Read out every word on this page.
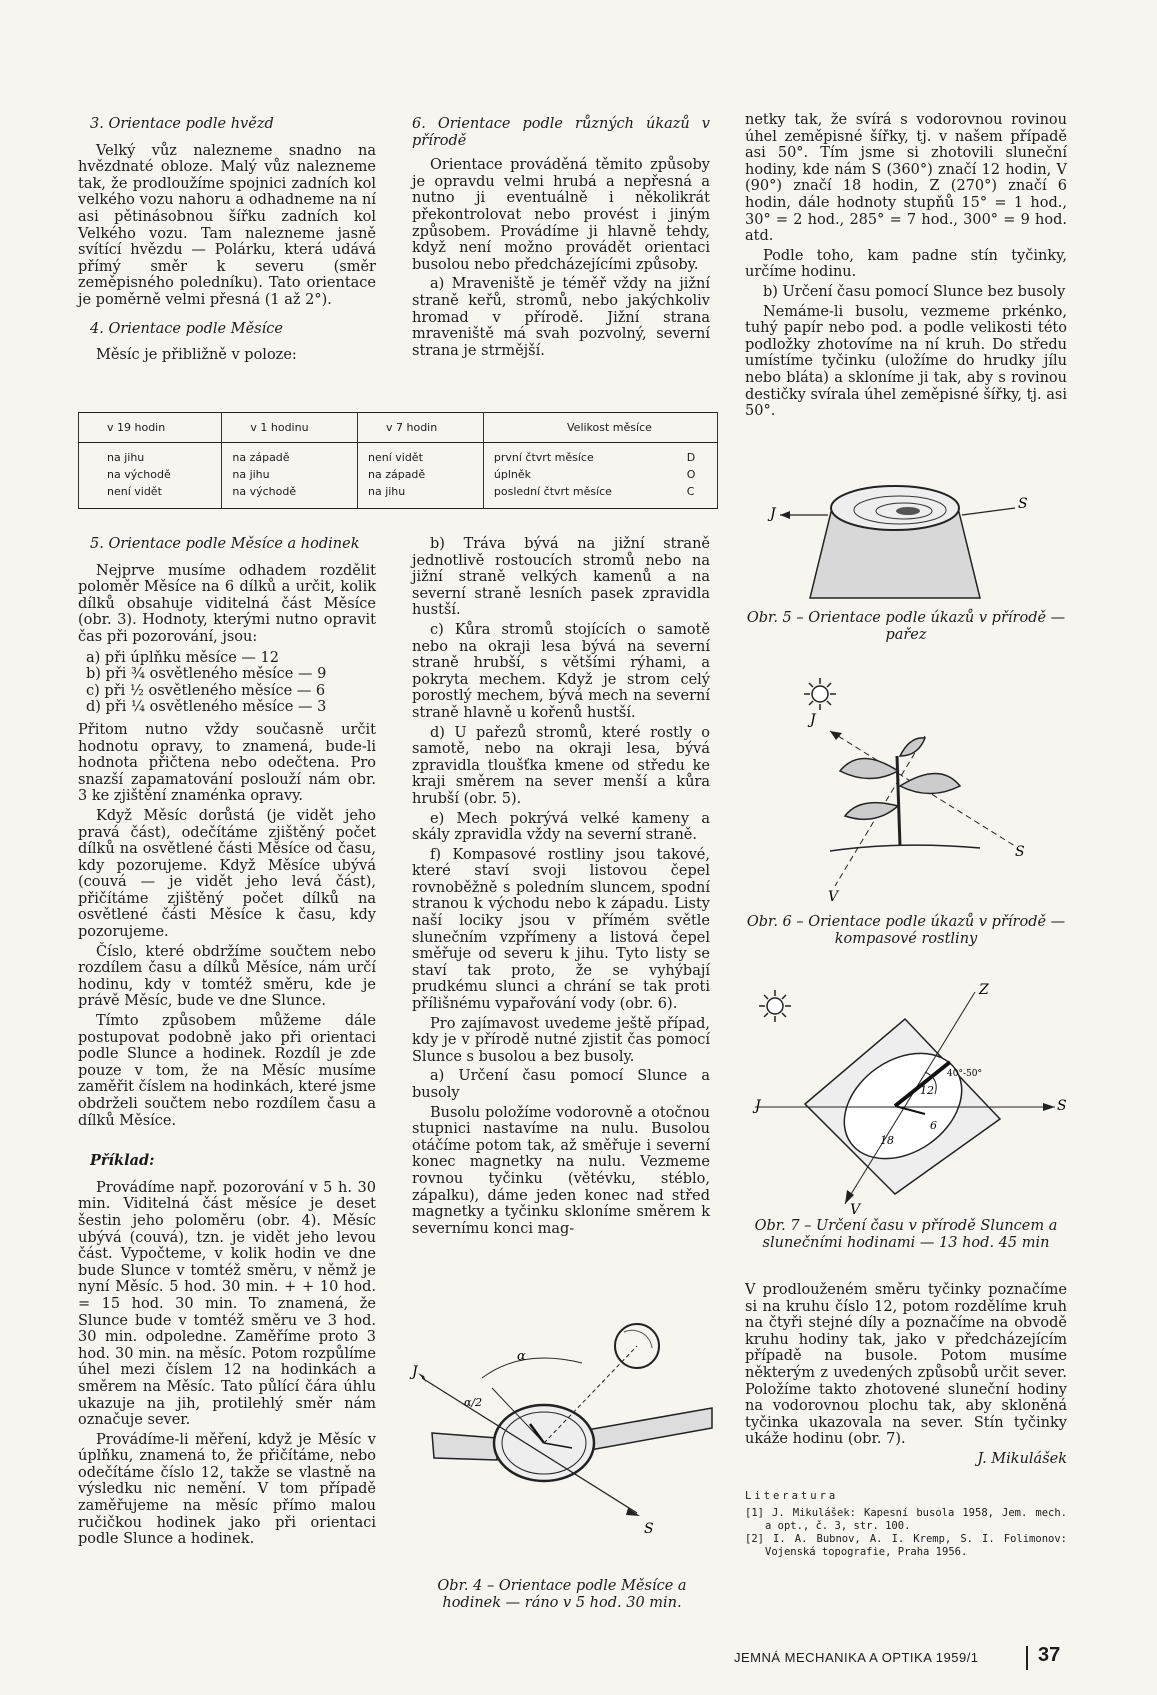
3. Orientace podle hvězd

Velký vůz nalezneme snadno na hvězdnaté obloze. Malý vůz nalezneme tak, že prodloužíme spojnici zadních kol velkého vozu nahoru a odhadneme na ní asi pětinásobnou šířku zadních kol Velkého vozu. Tam nalezneme jasně svítící hvězdu — Polárku, která udává přímý směr k severu (směr zeměpisného poledníku). Tato orientace je poměrně velmi přesná (1 až 2°).

4. Orientace podle Měsíce

Měsíc je přibližně v poloze:

5. Orientace podle Měsíce a hodinek

Nejprve musíme odhadem rozdělit poloměr Měsíce na 6 dílků a určit, kolik dílků obsahuje viditelná část Měsíce (obr. 3). Hodnoty, kterými nutno opravit čas při pozorování, jsou:

a) při úplňku měsíce — 12
b) při ¾ osvětleného měsíce — 9
c) při ½ osvětleného měsíce — 6
d) při ¼ osvětleného měsíce — 3

Přitom nutno vždy současně určit hodnotu opravy, to znamená, bude-li hodnota přičtena nebo odečtena. Pro snazší zapamatování poslouží nám obr. 3 ke zjištění znaménka opravy.

Když Měsíc dorůstá (je vidět jeho pravá část), odečítáme zjištěný počet dílků na osvětlené části Měsíce od času, kdy pozorujeme. Když Měsíce ubývá (couvá — je vidět jeho levá část), přičítáme zjištěný počet dílků na osvětlené části Měsíce k času, kdy pozorujeme.

Číslo, které obdržíme součtem nebo rozdílem času a dílků Měsíce, nám určí hodinu, kdy v tomtéž směru, kde je právě Měsíc, bude ve dne Slunce.

Tímto způsobem můžeme dále postupovat podobně jako při orientaci podle Slunce a hodinek. Rozdíl je zde pouze v tom, že na Měsíc musíme zaměřit číslem na hodinkách, které jsme obdrželi součtem nebo rozdílem času a dílků Měsíce.

Příklad:

Provádíme např. pozorování v 5 h. 30 min. Viditelná část měsíce je deset šestin jeho poloměru (obr. 4). Měsíc ubývá (couvá), tzn. je vidět jeho levou část. Vypočteme, v kolik hodin ve dne bude Slunce v tomtéž směru, v němž je nyní Měsíc. 5 hod. 30 min. + + 10 hod. = 15 hod. 30 min. To znamená, že Slunce bude v tomtéž směru ve 3 hod. 30 min. odpoledne. Zaměříme proto 3 hod. 30 min. na měsíc. Potom rozpůlíme úhel mezi číslem 12 na hodinkách a směrem na Měsíc. Tato půlící čára úhlu ukazuje na jih, protilehlý směr nám označuje sever.

Provádíme-li měření, když je Měsíc v úplňku, znamená to, že přičítáme, nebo odečítáme číslo 12, takže se vlastně na výsledku nic nemění. V tom případě zaměřujeme na měsíc přímo malou ručičkou hodinek jako při orientaci podle Slunce a hodinek.

6. Orientace podle různých úkazů v přírodě

Orientace prováděná těmito způsoby je opravdu velmi hrubá a nepřesná a nutno ji eventuálně i několikrát překontrolovat nebo provést i jiným způsobem. Provádíme ji hlavně tehdy, když není možno provádět orientaci busolou nebo předcházejícími způsoby.

a) Mraveniště je téměř vždy na jižní straně keřů, stromů, nebo jakýchkoliv hromad v přírodě. Jižní strana mraveniště má svah pozvolný, severní strana je strmější.

b) Tráva bývá na jižní straně jednotlivě rostoucích stromů nebo na jižní straně velkých kamenů a na severní straně lesních pasek zpravidla hustší.

c) Kůra stromů stojících o samotě nebo na okraji lesa bývá na severní straně hrubší, s většími rýhami, a pokryta mechem. Když je strom celý porostlý mechem, bývá mech na severní straně hlavně u kořenů hustší.

d) U pařezů stromů, které rostly o samotě, nebo na okraji lesa, bývá zpravidla tloušťka kmene od středu ke kraji směrem na sever menší a kůra hrubší (obr. 5).

e) Mech pokrývá velké kameny a skály zpravidla vždy na severní straně.

f) Kompasové rostliny jsou takové, které staví svoji listovou čepel rovnoběžně s poledním sluncem, spodní stranou k východu nebo k západu. Listy naší locikу jsou v přímém světle slunečním vzpřímeny a listová čepel směřuje od severu k jihu. Tyto listy se staví tak proto, že se vyhýbají prudkému slunci a chrání se tak proti přílišnému vypařování vody (obr. 6).

Pro zajímavost uvedeme ještě případ, kdy je v přírodě nutné zjistit čas pomocí Slunce s busolou a bez busoly.

a) Určení času pomocí Slunce a busoly

Busolu položíme vodorovně a otočnou stupnici nastavíme na nulu. Busolou otáčíme potom tak, až směřuje i severní konec magnetky na nulu. Vezmeme rovnou tyčinku (větévku, stéblo, zápalku), dáme jeden konec nad střed magnetky a tyčinku skloníme směrem k severnímu konci mag-

J
S
α
α/2
Obr. 4 – Orientace podle Měsíce a hodinek — ráno v 5 hod. 30 min.
v 19 hodin	v 1 hodinu	v 7 hodin	Velikost měsíce	
na jihu	na západě	není vidět	první čtvrt měsíce	D
na východě	na jihu	na západě	úplněk	O
není vidět	na východě	na jihu	poslední čtvrt měsíce	C

netky tak, že svírá s vodorovnou rovinou úhel zeměpisné šířky, tj. v našem případě asi 50°. Tím jsme si zhotovili sluneční hodiny, kde nám S (360°) značí 12 hodin, V (90°) značí 18 hodin, Z (270°) značí 6 hodin, dále hodnoty stupňů 15° = 1 hod., 30° = 2 hod., 285° = 7 hod., 300° = 9 hod. atd.

Podle toho, kam padne stín tyčinky, určíme hodinu.

b) Určení času pomocí Slunce bez busoly

Nemáme-li busolu, vezmeme prkénko, tuhý papír nebo pod. a podle velikosti této podložky zhotovíme na ní kruh. Do středu umístíme tyčinku (uložíme do hrudky jílu nebo bláta) a skloníme ji tak, aby s rovinou destičky svírala úhel zeměpisné šířky, tj. asi 50°.

J
S
Obr. 5 – Orientace podle úkazů v přírodě — pařez
J
S
V
Obr. 6 – Orientace podle úkazů v přírodě — kompasové rostliny
J	S
Z
V
40°-50°
12
18
6
Obr. 7 – Určení času v přírodě Sluncem a slunečními hodinami — 13 hod. 45 min

V prodlouženém směru tyčinky poznačíme si na kruhu číslo 12, potom rozdělíme kruh na čtyři stejné díly a poznačíme na obvodě kruhu hodiny tak, jako v předcházejícím případě na busole. Potom musíme některým z uvedených způsobů určit sever. Položíme takto zhotovené sluneční hodiny na vodorovnou plochu tak, aby skloněná tyčinka ukazovala na sever. Stín tyčinky ukáže hodinu (obr. 7).

J. Mikulášek
Literatura
[1] J. Mikulášek: Kapesní busola 1958, Jem. mech. a opt., č. 3, str. 100.
[2] I. A. Bubnov, A. I. Kremp, S. I. Folimonov: Vojenská topografie, Praha 1956.
JEMNÁ MECHANIKA A OPTIKA 1959/1	37
